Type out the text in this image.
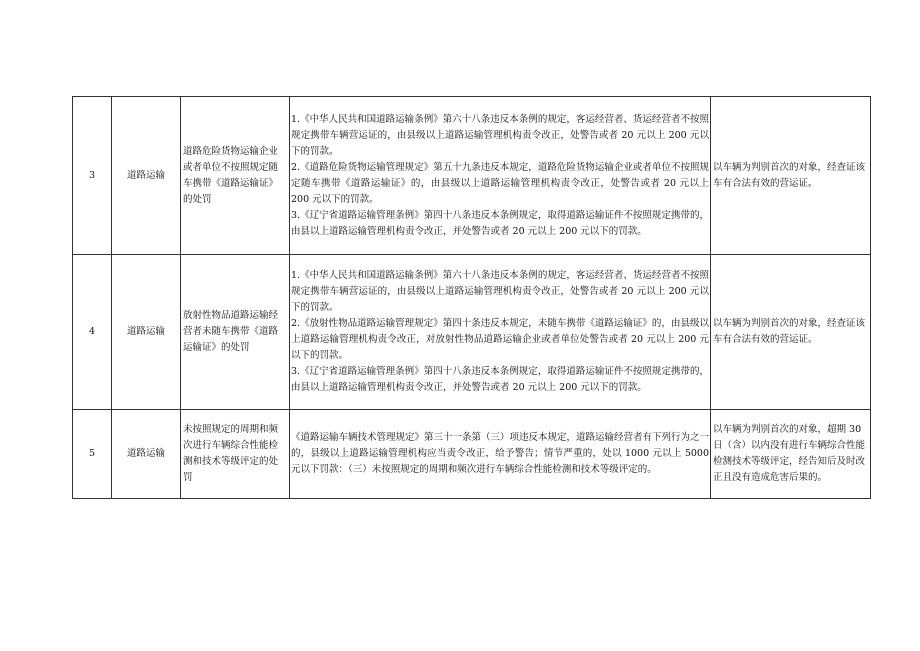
3	道路运输	道路危险货物运输企业或者单位不按照规定随车携带《道路运输证》的处罚	1.《中华人民共和国道路运输条例》第六十八条违反本条例的规定，客运经营者、货运经营者不按照规定携带车辆营运证的，由县级以上道路运输管理机构责令改正，处警告或者 20 元以上 200 元以下的罚款。
2.《道路危险货物运输管理规定》第五十九条违反本规定，道路危险货物运输企业或者单位不按照规定随车携带《道路运输证》的，由县级以上道路运输管理机构责令改正，处警告或者 20 元以上 200 元以下的罚款。
3.《辽宁省道路运输管理条例》第四十八条违反本条例规定，取得道路运输证件不按照规定携带的，由县以上道路运输管理机构责令改正，并处警告或者 20 元以上 200 元以下的罚款。	以车辆为判别首次的对象，经查证该车有合法有效的营运证。

4	道路运输	放射性物品道路运输经营者未随车携带《道路运输证》的处罚	1.《中华人民共和国道路运输条例》第六十八条违反本条例的规定，客运经营者、货运经营者不按照规定携带车辆营运证的，由县级以上道路运输管理机构责令改正，处警告或者 20 元以上 200 元以下的罚款。
2.《放射性物品道路运输管理规定》第四十条违反本规定，未随车携带《道路运输证》的，由县级以上道路运输管理机构责令改正，对放射性物品道路运输企业或者单位处警告或者 20 元以上 200 元以下的罚款。
3.《辽宁省道路运输管理条例》第四十八条违反本条例规定，取得道路运输证件不按照规定携带的，由县以上道路运输管理机构责令改正，并处警告或者 20 元以上 200 元以下的罚款。	以车辆为判别首次的对象，经查证该车有合法有效的营运证。

5	道路运输	未按照规定的周期和频次进行车辆综合性能检测和技术等级评定的处罚	《道路运输车辆技术管理规定》第三十一条第（三）项违反本规定，道路运输经营者有下列行为之一的，县级以上道路运输管理机构应当责令改正，给予警告；情节严重的，处以 1000 元以上 5000 元以下罚款：（三）未按照规定的周期和频次进行车辆综合性能检测和技术等级评定的。	以车辆为判别首次的对象，超期 30日（含）以内没有进行车辆综合性能检测技术等级评定，经告知后及时改正且没有造成危害后果的。
